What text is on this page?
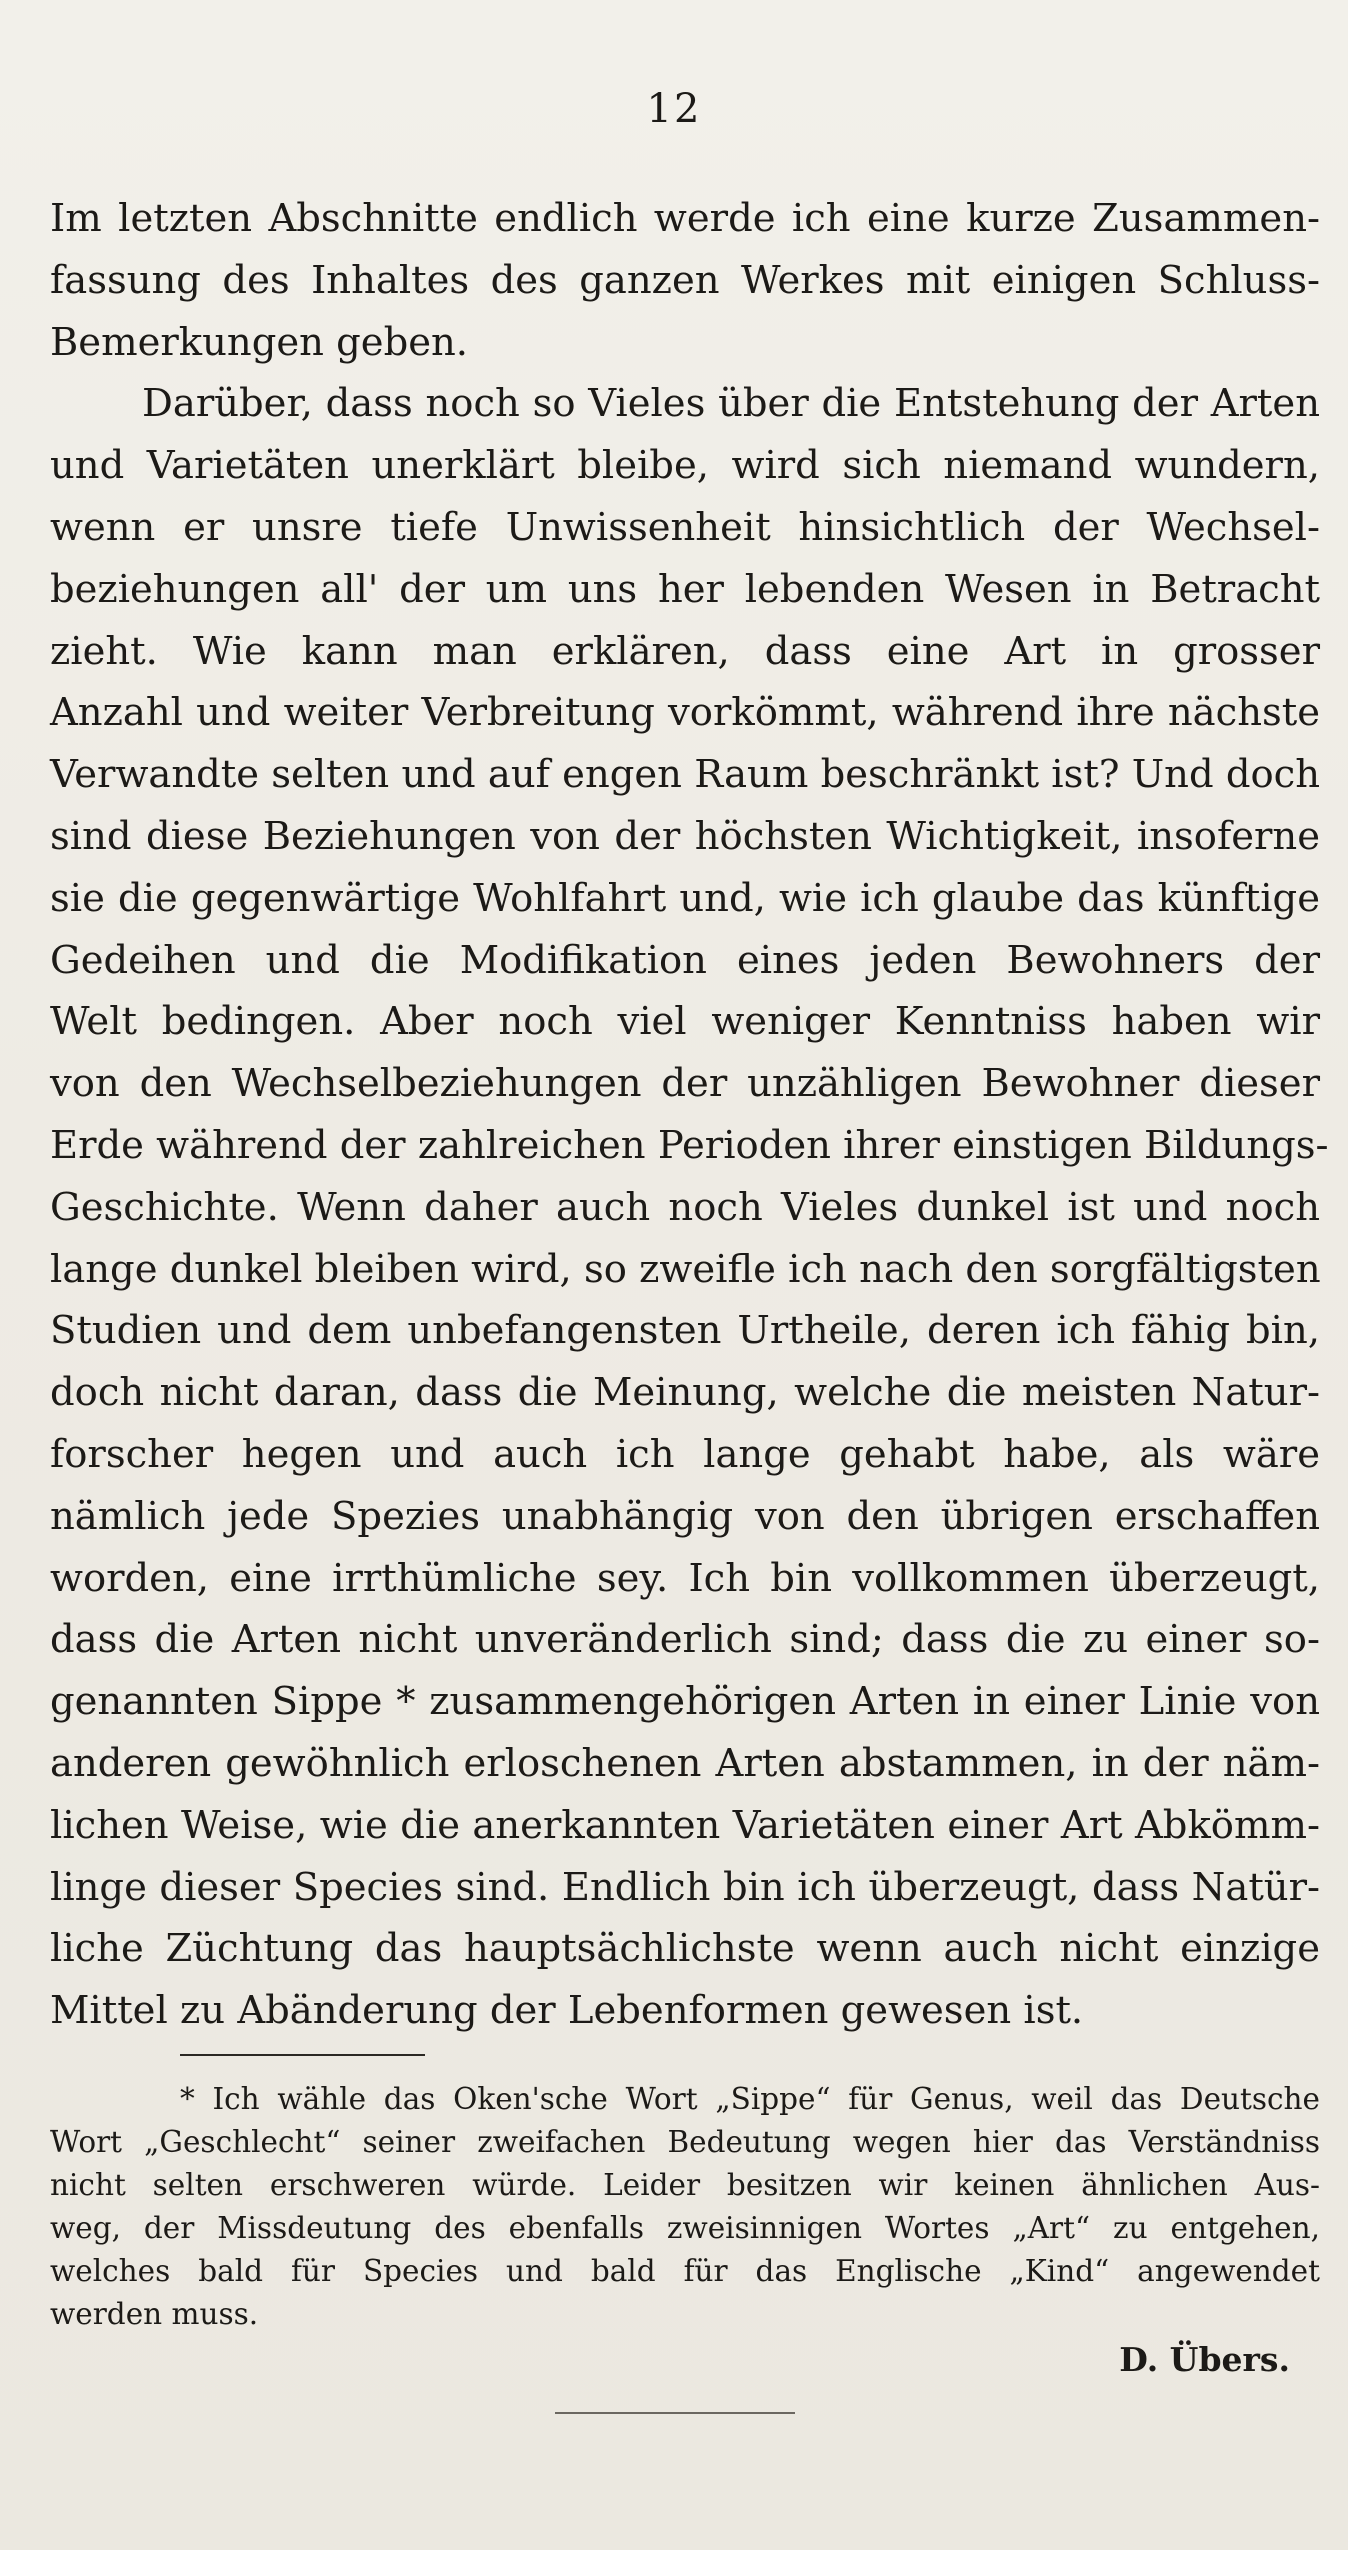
12
Im letzten Abschnitte endlich werde ich eine kurze Zusammen-
fassung des Inhaltes des ganzen Werkes mit einigen Schluss-
Bemerkungen geben.
Darüber, dass noch so Vieles über die Entstehung der Arten
und Varietäten unerklärt bleibe, wird sich niemand wundern,
wenn er unsre tiefe Unwissenheit hinsichtlich der Wechsel-
beziehungen all' der um uns her lebenden Wesen in Betracht
zieht. Wie kann man erklären, dass eine Art in grosser
Anzahl und weiter Verbreitung vorkömmt, während ihre nächste
Verwandte selten und auf engen Raum beschränkt ist? Und doch
sind diese Beziehungen von der höchsten Wichtigkeit, insoferne
sie die gegenwärtige Wohlfahrt und, wie ich glaube das künftige
Gedeihen und die Modifikation eines jeden Bewohners der
Welt bedingen. Aber noch viel weniger Kenntniss haben wir
von den Wechselbeziehungen der unzähligen Bewohner dieser
Erde während der zahlreichen Perioden ihrer einstigen Bildungs-
Geschichte. Wenn daher auch noch Vieles dunkel ist und noch
lange dunkel bleiben wird, so zweifle ich nach den sorgfältigsten
Studien und dem unbefangensten Urtheile, deren ich fähig bin,
doch nicht daran, dass die Meinung, welche die meisten Natur-
forscher hegen und auch ich lange gehabt habe, als wäre
nämlich jede Spezies unabhängig von den übrigen erschaffen
worden, eine irrthümliche sey. Ich bin vollkommen überzeugt,
dass die Arten nicht unveränderlich sind; dass die zu einer so-
genannten Sippe * zusammengehörigen Arten in einer Linie von
anderen gewöhnlich erloschenen Arten abstammen, in der näm-
lichen Weise, wie die anerkannten Varietäten einer Art Abkömm-
linge dieser Species sind. Endlich bin ich überzeugt, dass Natür-
liche Züchtung das hauptsächlichste wenn auch nicht einzige
Mittel zu Abänderung der Lebenformen gewesen ist.
* Ich wähle das Oken'sche Wort „Sippe“ für Genus, weil das Deutsche
Wort „Geschlecht“ seiner zweifachen Bedeutung wegen hier das Verständniss
nicht selten erschweren würde. Leider besitzen wir keinen ähnlichen Aus-
weg, der Missdeutung des ebenfalls zweisinnigen Wortes „Art“ zu entgehen,
welches bald für Species und bald für das Englische „Kind“ angewendet
werden muss.
D. Übers.
